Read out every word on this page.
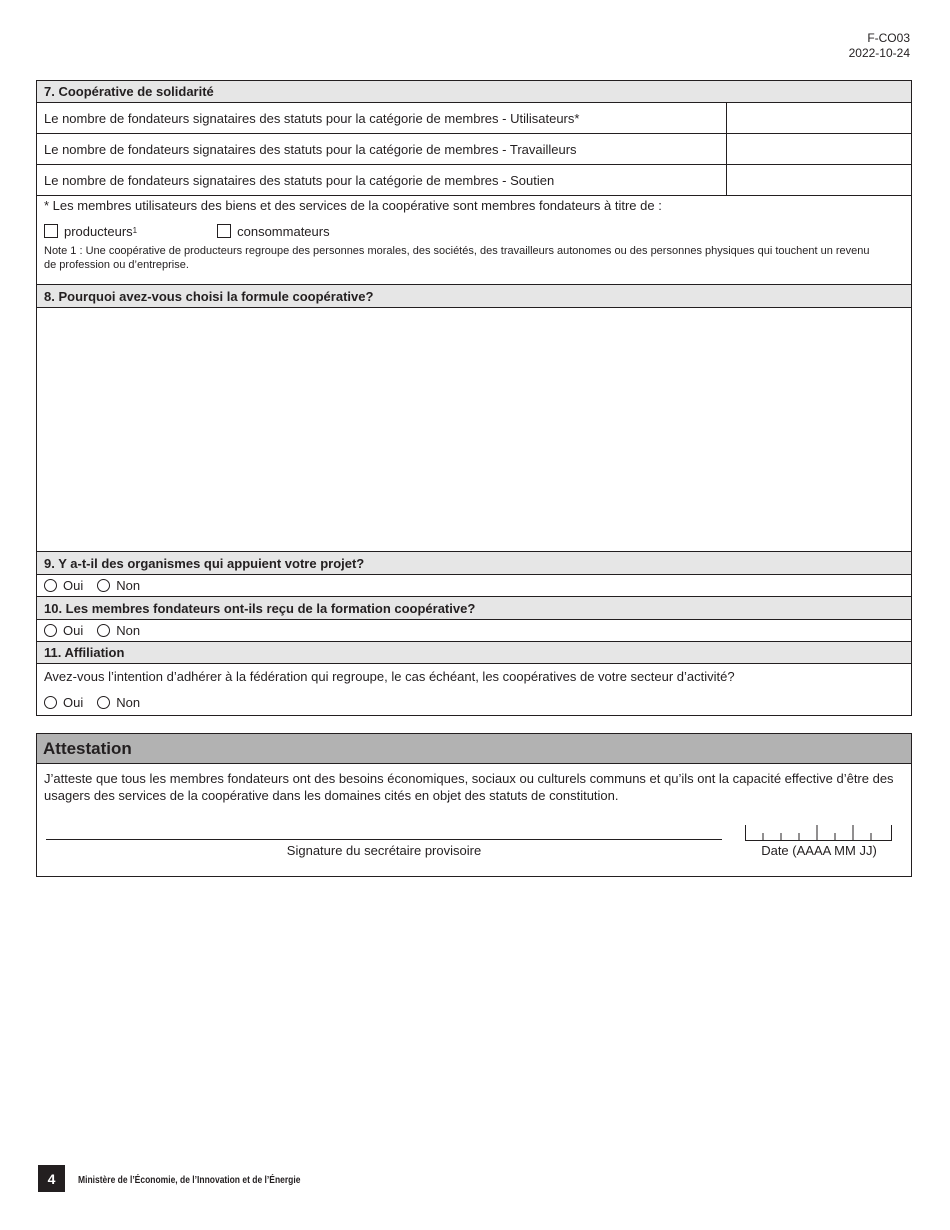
F-CO03
2022-10-24
7. Coopérative de solidarité
Le nombre de fondateurs signataires des statuts pour la catégorie de membres - Utilisateurs*
Le nombre de fondateurs signataires des statuts pour la catégorie de membres - Travailleurs
Le nombre de fondateurs signataires des statuts pour la catégorie de membres - Soutien
* Les membres utilisateurs des biens et des services de la coopérative sont membres fondateurs à titre de :
producteurs 1	consommateurs
Note 1 : Une coopérative de producteurs regroupe des personnes morales, des sociétés, des travailleurs autonomes ou des personnes physiques qui touchent un revenu de profession ou d’entreprise.
8. Pourquoi avez-vous choisi la formule coopérative?
9. Y a-t-il des organismes qui appuient votre projet?
Oui	Non
10. Les membres fondateurs ont-ils reçu de la formation coopérative?
Oui	Non
11. Affiliation
Avez-vous l’intention d’adhérer à la fédération qui regroupe, le cas échéant, les coopératives de votre secteur d’activité?
Oui	Non
Attestation
J’atteste que tous les membres fondateurs ont des besoins économiques, sociaux ou culturels communs et qu’ils ont la capacité effective d’être des usagers des services de la coopérative dans les domaines cités en objet des statuts de constitution.
Signature du secrétaire provisoire	Date (AAAA MM JJ)
4	Ministère de l’Économie, de l’Innovation et de l’Énergie
